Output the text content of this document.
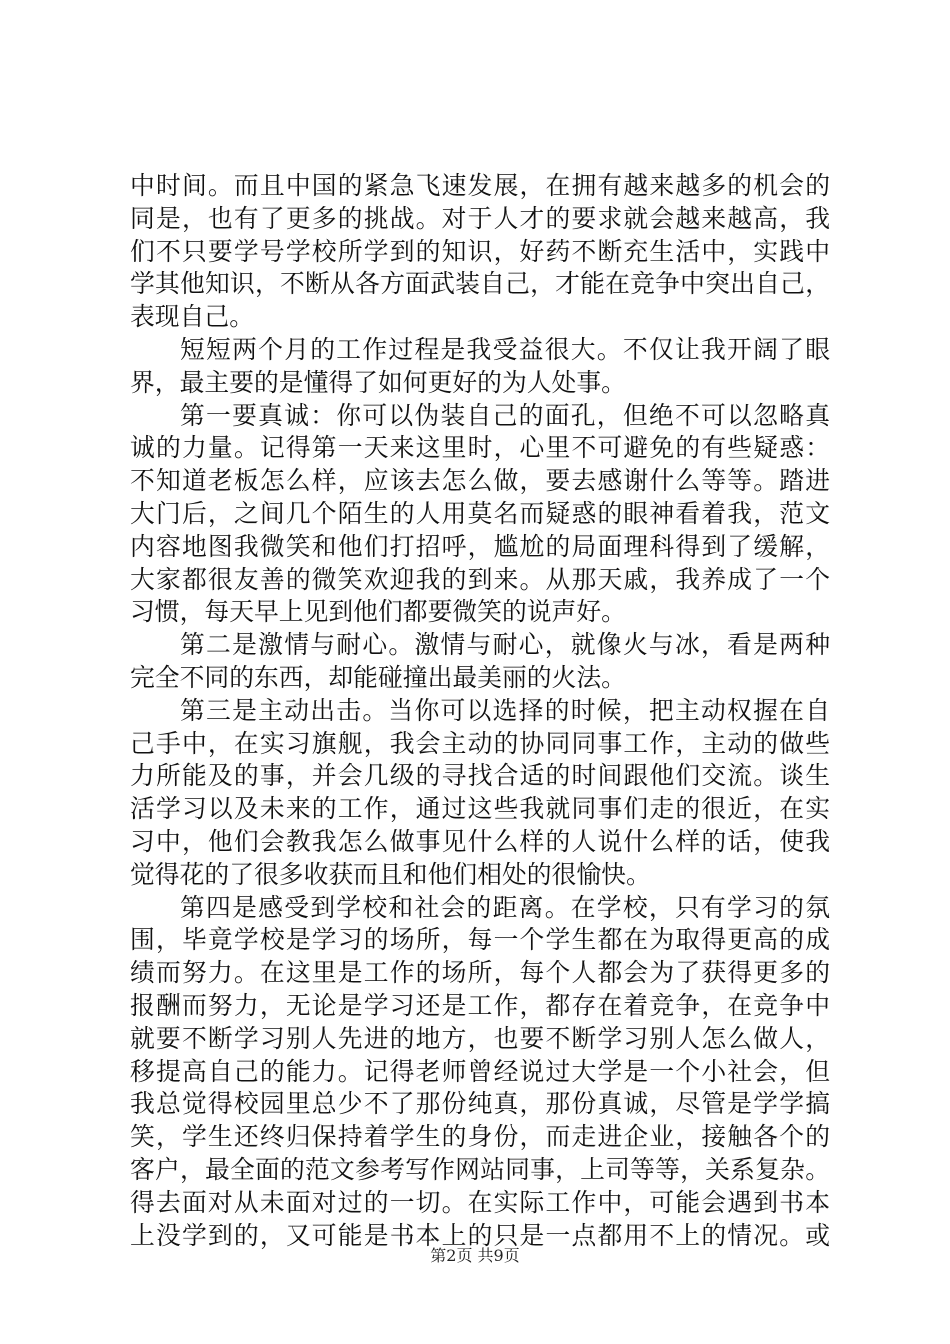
中时间。而且中国的紧急飞速发展，在拥有越来越多的机会的
同是，也有了更多的挑战。对于人才的要求就会越来越高，我
们不只要学号学校所学到的知识，好药不断充生活中，实践中
学其他知识，不断从各方面武装自己，才能在竞争中突出自己，
表现自己。
短短两个月的工作过程是我受益很大。不仅让我开阔了眼
界，最主要的是懂得了如何更好的为人处事。
第一要真诚：你可以伪装自己的面孔，但绝不可以忽略真
诚的力量。记得第一天来这里时，心里不可避免的有些疑惑：
不知道老板怎么样，应该去怎么做，要去感谢什么等等。踏进
大门后，之间几个陌生的人用莫名而疑惑的眼神看着我，范文
内容地图我微笑和他们打招呼，尴尬的局面理科得到了缓解，
大家都很友善的微笑欢迎我的到来。从那天戚，我养成了一个
习惯，每天早上见到他们都要微笑的说声好。
第二是激情与耐心。激情与耐心，就像火与冰，看是两种
完全不同的东西，却能碰撞出最美丽的火法。
第三是主动出击。当你可以选择的时候，把主动权握在自
己手中，在实习旗舰，我会主动的协同同事工作，主动的做些
力所能及的事，并会几级的寻找合适的时间跟他们交流。谈生
活学习以及未来的工作，通过这些我就同事们走的很近，在实
习中，他们会教我怎么做事见什么样的人说什么样的话，使我
觉得花的了很多收获而且和他们相处的很愉快。
第四是感受到学校和社会的距离。在学校，只有学习的氛
围，毕竟学校是学习的场所，每一个学生都在为取得更高的成
绩而努力。在这里是工作的场所，每个人都会为了获得更多的
报酬而努力，无论是学习还是工作，都存在着竞争，在竞争中
就要不断学习别人先进的地方，也要不断学习别人怎么做人，
移提高自己的能力。记得老师曾经说过大学是一个小社会，但
我总觉得校园里总少不了那份纯真，那份真诚，尽管是学学搞
笑，学生还终归保持着学生的身份，而走进企业，接触各个的
客户，最全面的范文参考写作网站同事，上司等等，关系复杂。
得去面对从未面对过的一切。在实际工作中，可能会遇到书本
上没学到的，又可能是书本上的只是一点都用不上的情况。或
第2页 共9页
